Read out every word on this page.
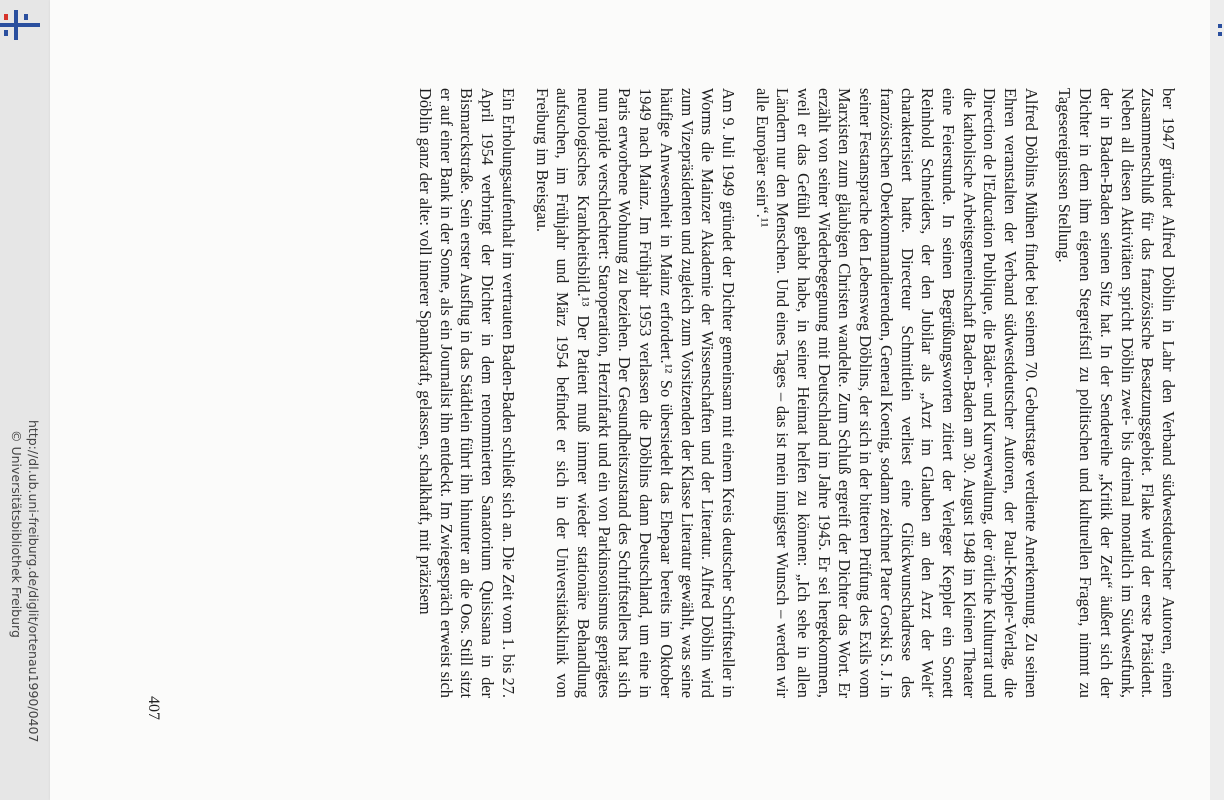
http://dl.ub.uni-freiburg.de/diglit/ortenau1990/0407
© Universitätsbibliothek Freiburg	ber 1947 gründet Alfred Döblin in Lahr den Verband südwestdeutscher Autoren, einen Zusammenschluß für das französische Besatzungsgebiet. Flake wird der erste Präsident. Neben all diesen Aktivitäten spricht Döblin zwei- bis dreimal monatlich im Südwestfunk, der in Baden-Baden seinen Sitz hat. In der Sendereihe „Kritik der Zeit“ äußert sich der Dichter in dem ihm eigenen Stegreifstil zu politischen und kulturellen Fragen, nimmt zu Tagesereignissen Stellung.

Alfred Döblins Mühen findet bei seinem 70. Geburtstage verdiente Anerkennung. Zu seinen Ehren veranstalten der Verband südwestdeutscher Autoren, der Paul-Keppler-Verlag, die Direction de l'Education Publique, die Bäder- und Kurverwaltung, der örtliche Kulturrat und die katholische Arbeitsgemeinschaft Baden-Baden am 30. August 1948 im Kleinen Theater eine Feierstunde. In seinen Begrüßungsworten zitiert der Verleger Keppler ein Sonett Reinhold Schneiders, der den Jubilar als „Arzt im Glauben an den Arzt der Welt“ charakterisiert hatte. Directeur Schmittlein verliest eine Glückwunschadresse des französischen Oberkommandierenden, General Koenig, sodann zeichnet Pater Gorski S. J. in seiner Festansprache den Lebensweg Döblins, der sich in der bitteren Prüfung des Exils vom Marxisten zum gläubigen Christen wandelte. Zum Schluß ergreift der Dichter das Wort. Er erzählt von seiner Wiederbegegnung mit Deutschland im Jahre 1945. Er sei hergekommen, weil er das Gefühl gehabt habe, in seiner Heimat helfen zu können: „Ich sehe in allen Ländern nur den Menschen. Und eines Tages – das ist mein innigster Wunsch – werden wir alle Europäer sein“.¹¹

Am 9. Juli 1949 gründet der Dichter gemeinsam mit einem Kreis deutscher Schriftsteller in Worms die Mainzer Akademie der Wissenschaften und der Literatur. Alfred Döblin wird zum Vizepräsidenten und zugleich zum Vorsitzenden der Klasse Literatur gewählt, was seine häufige Anwesenheit in Mainz erfordert.¹² So übersiedelt das Ehepaar bereits im Oktober 1949 nach Mainz. Im Frühjahr 1953 verlassen die Döblins dann Deutschland, um eine in Paris erworbene Wohnung zu beziehen. Der Gesundheitszustand des Schriftstellers hat sich nun rapide verschlechtert: Staroperation, Herzinfarkt und ein von Parkinsonismus geprägtes neurologisches Krankheitsbild.¹³ Der Patient muß immer wieder stationäre Behandlung aufsuchen, im Frühjahr und März 1954 befindet er sich in der Universitätsklinik von Freiburg im Breisgau.

Ein Erholungsaufenthalt im vertrauten Baden-Baden schließt sich an. Die Zeit vom 1. bis 27. April 1954 verbringt der Dichter in dem renommierten Sanatorium Quisisana in der Bismarckstraße. Sein erster Ausflug in das Städtlein führt ihn hinunter an die Oos. Still sitzt er auf einer Bank in der Sonne, als ein Journalist ihn entdeckt. Im Zwiegespräch erweist sich Döblin ganz der alte: voll innerer Spannkraft, gelassen, schalkhaft, mit präzisem

407
